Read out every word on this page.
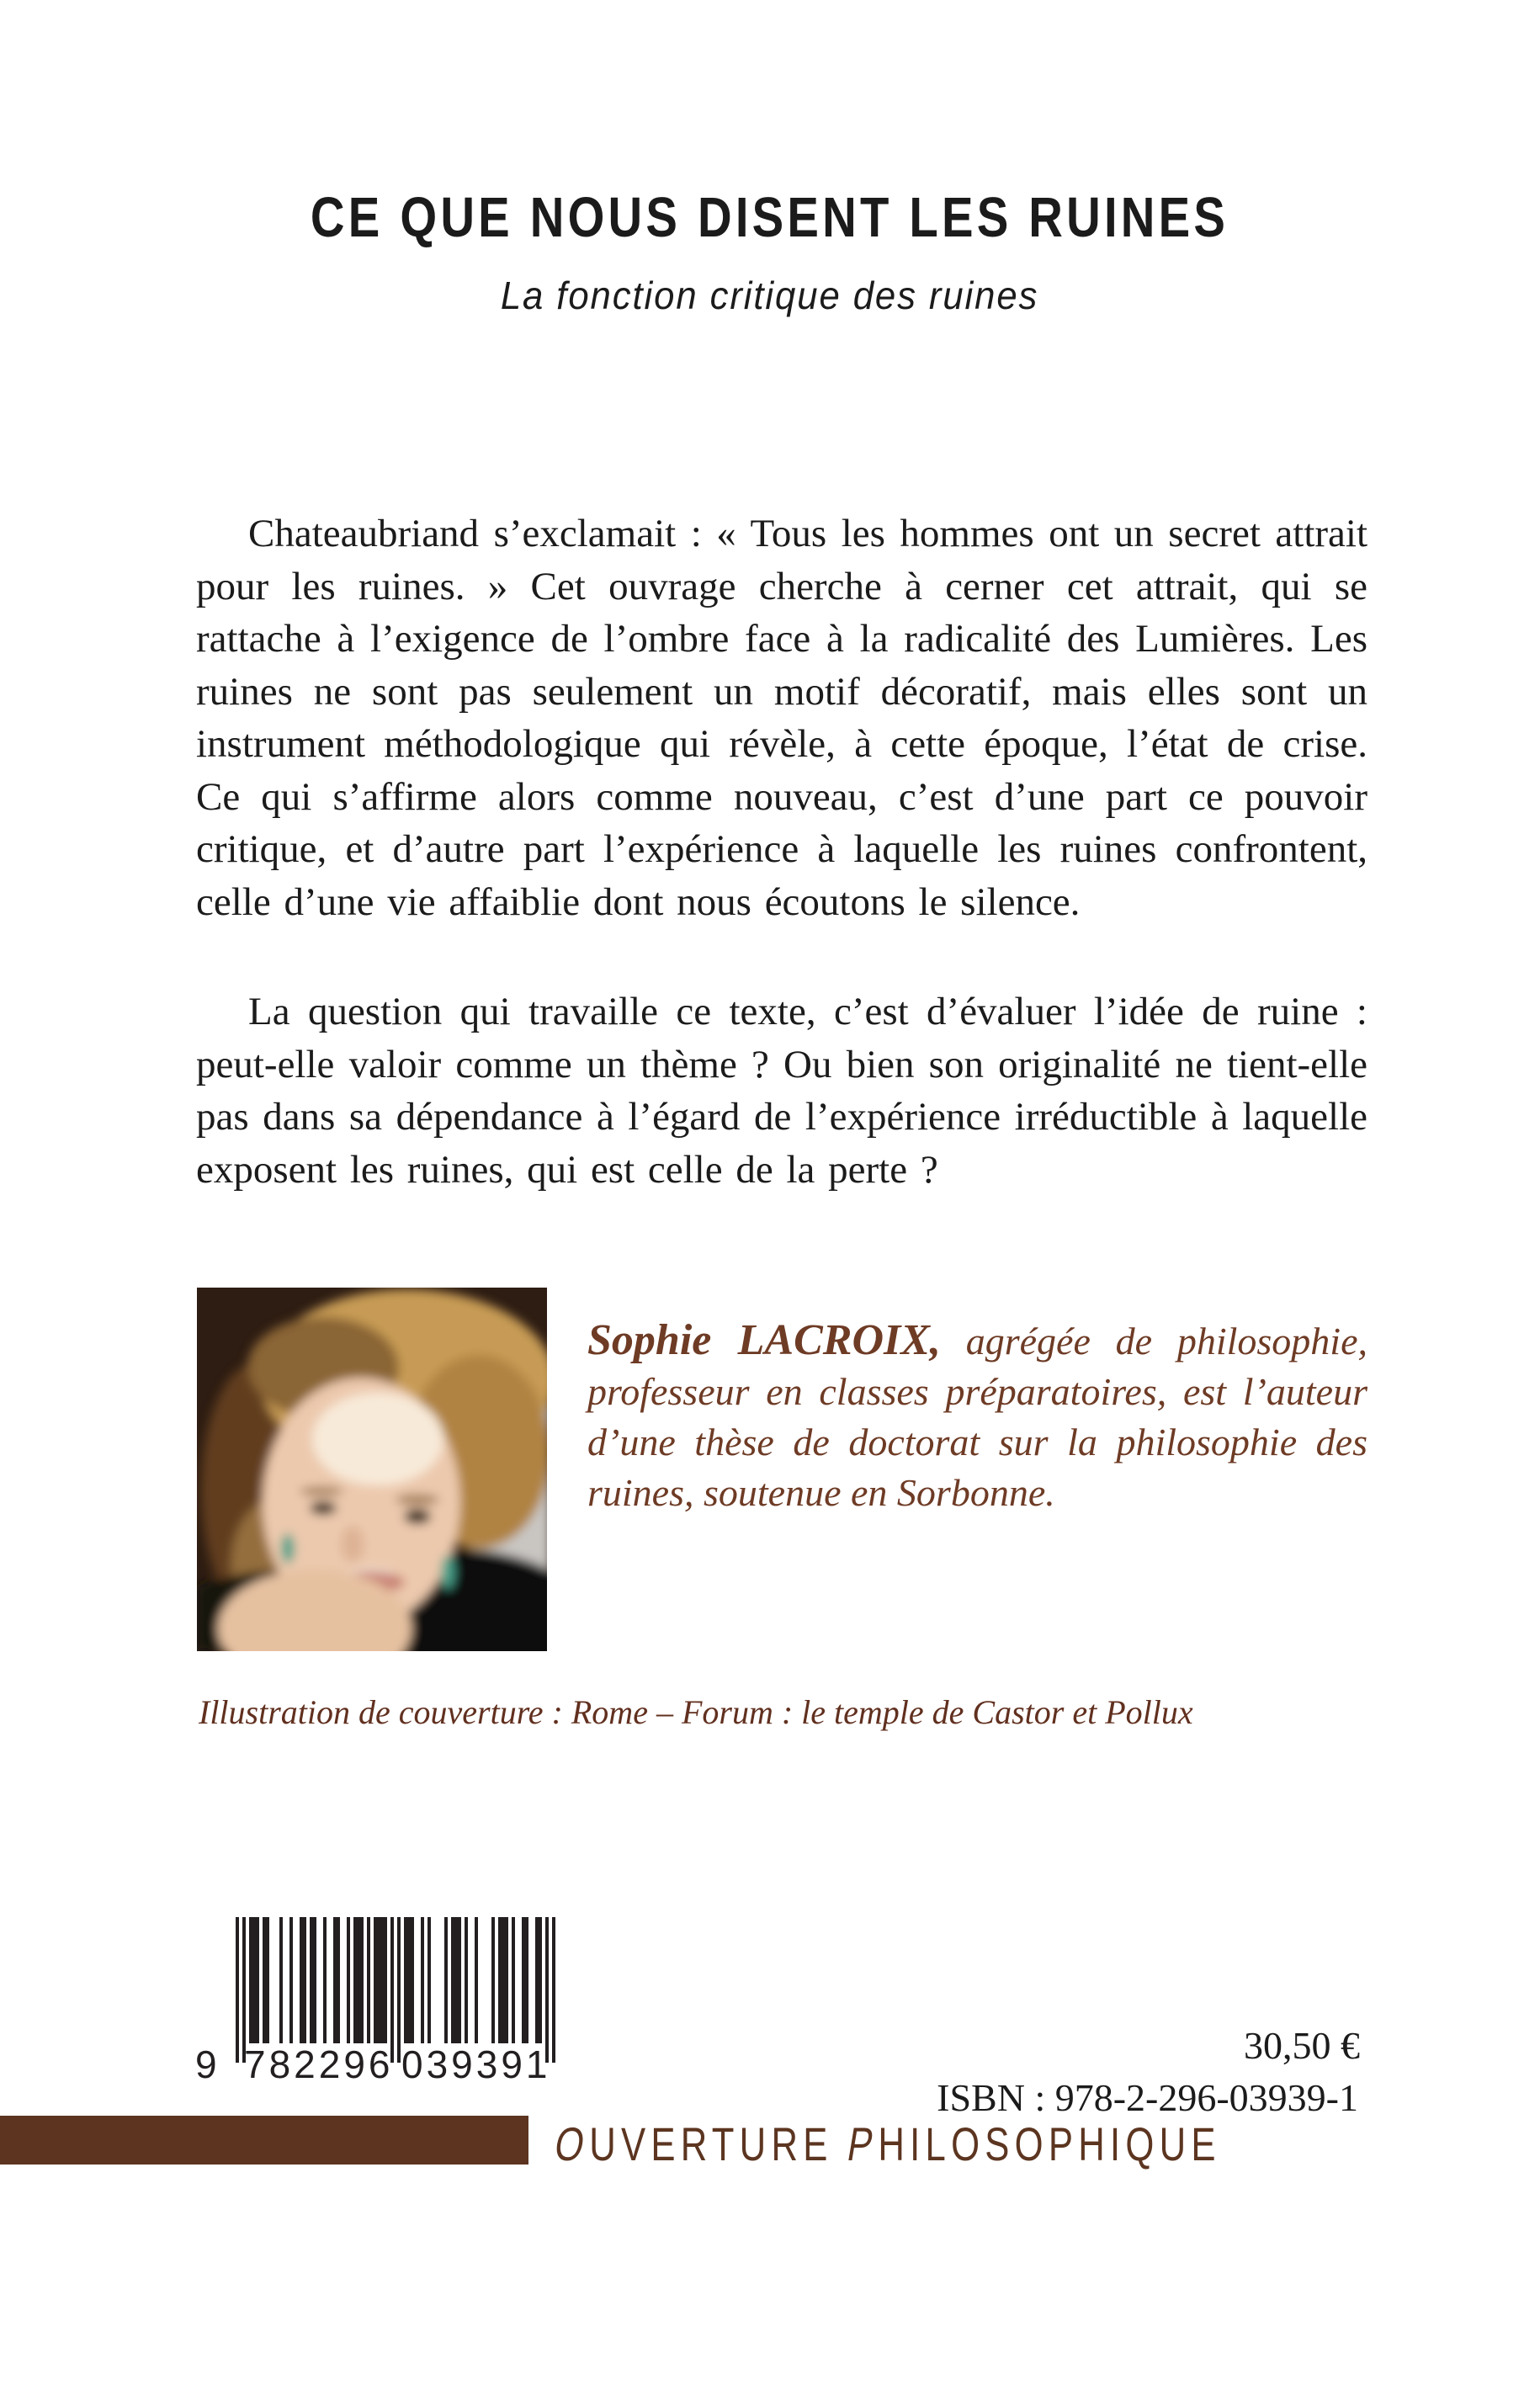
CE QUE NOUS DISENT LES RUINES
La fonction critique des ruines

Chateaubriand s’exclamait : « Tous les hommes ont un secret attrait pour les ruines. » Cet ouvrage cherche à cerner cet attrait, qui se rattache à l’exigence de l’ombre face à la radicalité des Lumières. Les ruines ne sont pas seulement un motif décoratif, mais elles sont un instrument méthodologique qui révèle, à cette époque, l’état de crise. Ce qui s’affirme alors comme nouveau, c’est d’une part ce pouvoir critique, et d’autre part l’expérience à laquelle les ruines confrontent, celle d’une vie affaiblie dont nous écoutons le silence.

La question qui travaille ce texte, c’est d’évaluer l’idée de ruine : peut-elle valoir comme un thème ? Ou bien son originalité ne tient-elle pas dans sa dépendance à l’égard de l’expérience irréductible à laquelle exposent les ruines, qui est celle de la perte ?

Sophie LACROIX, agrégée de philosophie, professeur en classes préparatoires, est l’auteur d’une thèse de doctorat sur la philosophie des ruines, soutenue en Sorbonne.

Illustration de couverture : Rome – Forum : le temple de Castor et Pollux
9 782296 039391	30,50 €
ISBN : 978-2-296-03939-1
OUVERTURE PHILOSOPHIQUE
